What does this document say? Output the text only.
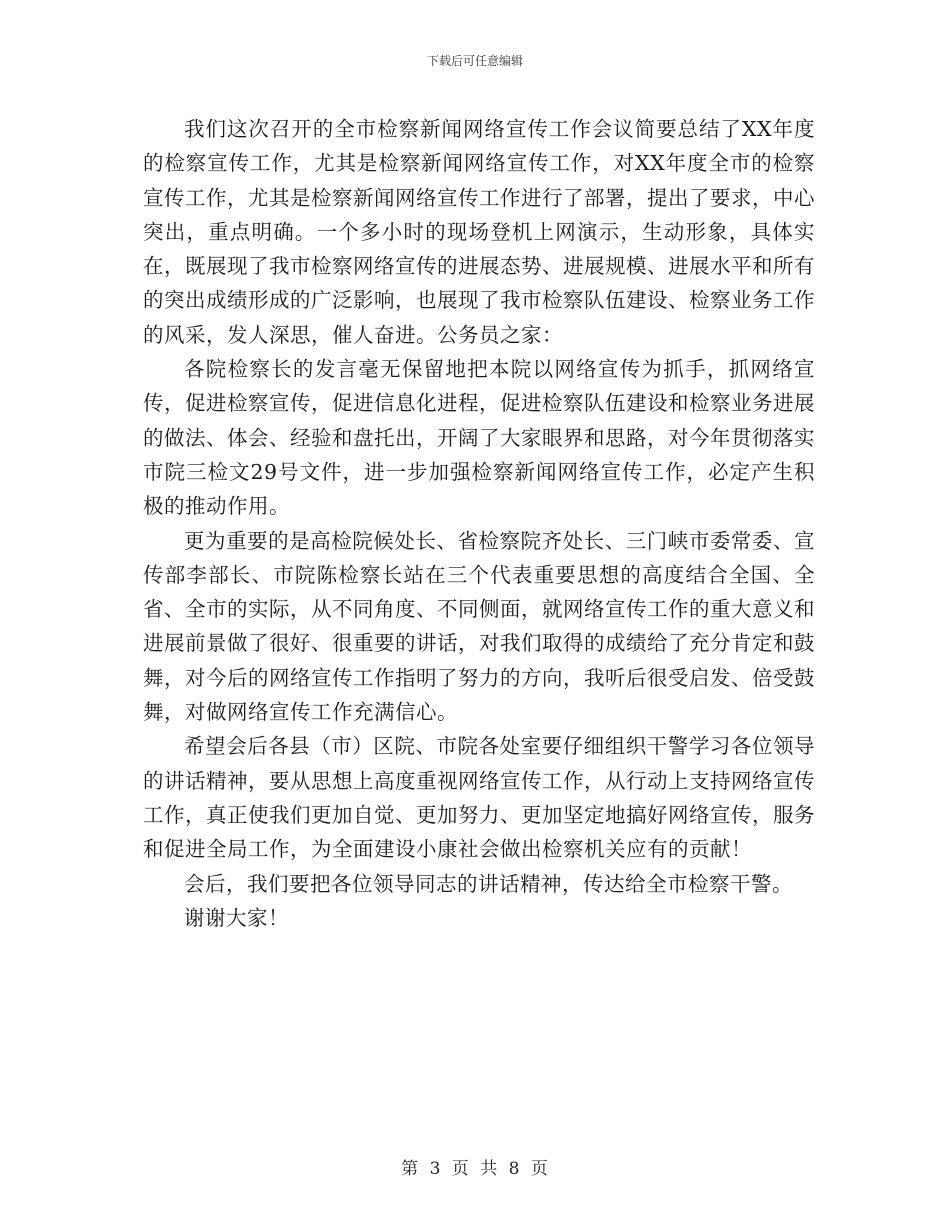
下载后可任意编辑

我们这次召开的全市检察新闻网络宣传工作会议简要总结了XX年度的检察宣传工作，尤其是检察新闻网络宣传工作，对XX年度全市的检察宣传工作，尤其是检察新闻网络宣传工作进行了部署，提出了要求，中心突出，重点明确。一个多小时的现场登机上网演示，生动形象，具体实在，既展现了我市检察网络宣传的进展态势、进展规模、进展水平和所有的突出成绩形成的广泛影响，也展现了我市检察队伍建设、检察业务工作的风采，发人深思，催人奋进。公务员之家：

各院检察长的发言毫无保留地把本院以网络宣传为抓手，抓网络宣传，促进检察宣传，促进信息化进程，促进检察队伍建设和检察业务进展的做法、体会、经验和盘托出，开阔了大家眼界和思路，对今年贯彻落实市院三检文29号文件，进一步加强检察新闻网络宣传工作，必定产生积极的推动作用。

更为重要的是高检院候处长、省检察院齐处长、三门峡市委常委、宣传部李部长、市院陈检察长站在三个代表重要思想的高度结合全国、全省、全市的实际，从不同角度、不同侧面，就网络宣传工作的重大意义和进展前景做了很好、很重要的讲话，对我们取得的成绩给了充分肯定和鼓舞，对今后的网络宣传工作指明了努力的方向，我听后很受启发、倍受鼓舞，对做网络宣传工作充满信心。

希望会后各县（市）区院、市院各处室要仔细组织干警学习各位领导的讲话精神，要从思想上高度重视网络宣传工作，从行动上支持网络宣传工作，真正使我们更加自觉、更加努力、更加坚定地搞好网络宣传，服务和促进全局工作，为全面建设小康社会做出检察机关应有的贡献！

会后，我们要把各位领导同志的讲话精神，传达给全市检察干警。

谢谢大家！

第 3 页 共 8 页
